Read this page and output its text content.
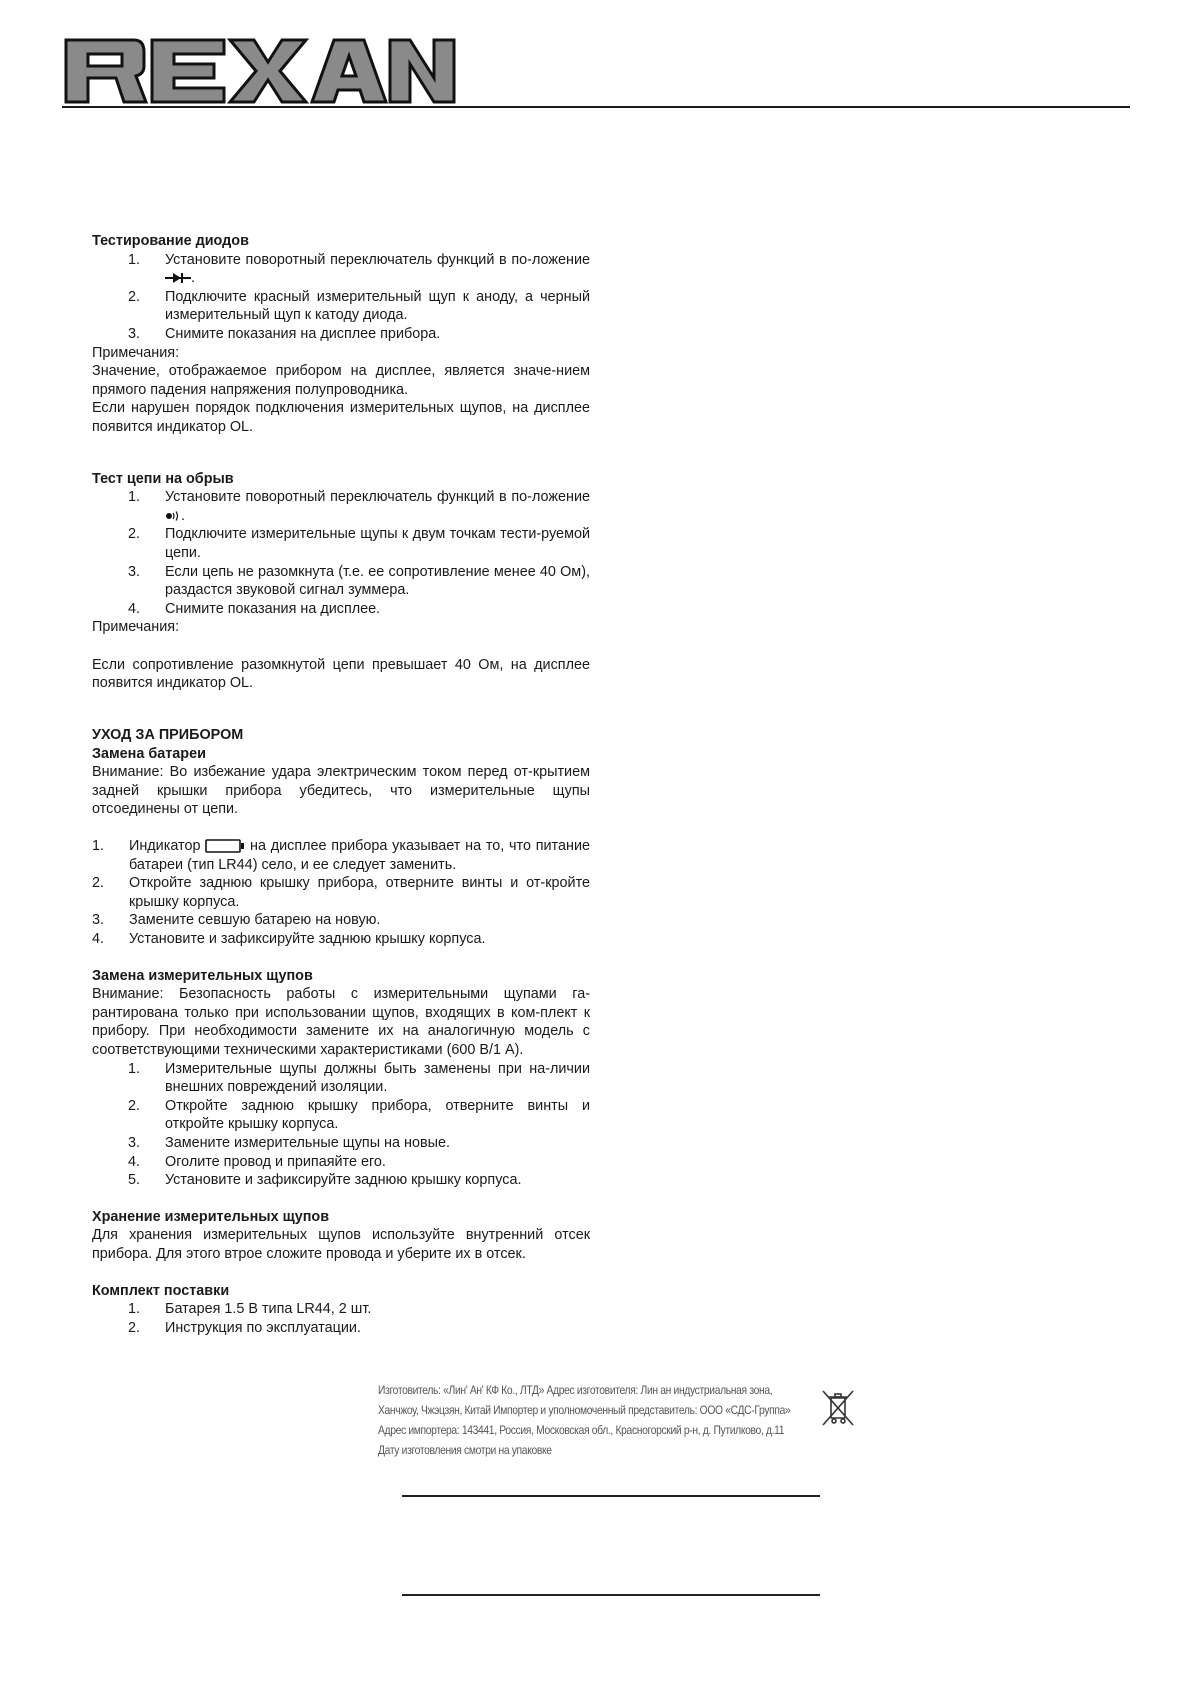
Тестирование диодов

1.	Установите поворотный переключатель функций в по-ложение .
2.	Подключите красный измерительный щуп к аноду, а черный измерительный щуп к катоду диода.
3.	Снимите показания на дисплее прибора.

Примечания:

Значение, отображаемое прибором на дисплее, является значе-нием прямого падения напряжения полупроводника.

Если нарушен порядок подключения измерительных щупов, на дисплее появится индикатор OL.

Тест цепи на обрыв

1.	Установите поворотный переключатель функций в по-ложение .
2.	Подключите измерительные щупы к двум точкам тести-руемой цепи.
3.	Если цепь не разомкнута (т.е. ее сопротивление менее 40 Ом), раздастся звуковой сигнал зуммера.
4.	Снимите показания на дисплее.

Примечания:

Если сопротивление разомкнутой цепи превышает 40 Ом, на дисплее появится индикатор OL.

УХОД ЗА ПРИБОРОМ

Замена батареи

Внимание: Во избежание удара электрическим током перед от-крытием задней крышки прибора убедитесь, что измерительные щупы отсоединены от цепи.

1.	Индикатор	на дисплее прибора указывает на то, что питание батареи (тип LR44) село, и ее следует заменить.
2.	Откройте заднюю крышку прибора, отверните винты и от-кройте крышку корпуса.
3.	Замените севшую батарею на новую.
4.	Установите и зафиксируйте заднюю крышку корпуса.

Замена измерительных щупов

Внимание: Безопасность работы с измерительными щупами га-рантирована только при использовании щупов, входящих в ком-плект к прибору. При необходимости замените их на аналогичную модель с соответствующими техническими характеристиками (600 В/1 А).

1.	Измерительные щупы должны быть заменены при на-личии внешних повреждений изоляции.
2.	Откройте заднюю крышку прибора, отверните винты и откройте крышку корпуса.
3.	Замените измерительные щупы на новые.
4.	Оголите провод и припаяйте его.
5.	Установите и зафиксируйте заднюю крышку корпуса.

Хранение измерительных щупов

Для хранения измерительных щупов используйте внутренний отсек прибора. Для этого втрое сложите провода и уберите их в отсек.

Комплект поставки

1.	Батарея 1.5 В типа LR44, 2 шт.
2.	Инструкция по эксплуатации.

Изготовитель: «Лин' Ан' КФ Ко., ЛТД» Адрес изготовителя: Лин ан индустриальная зона,

Ханчжоу, Чжэцзян, Китай Импортер и уполномоченный представитель: ООО «СДС-Группа»

Адрес импортера: 143441, Россия, Московская обл., Красногорский р-н, д. Путилково, д.11

Дату изготовления смотри на упаковке
